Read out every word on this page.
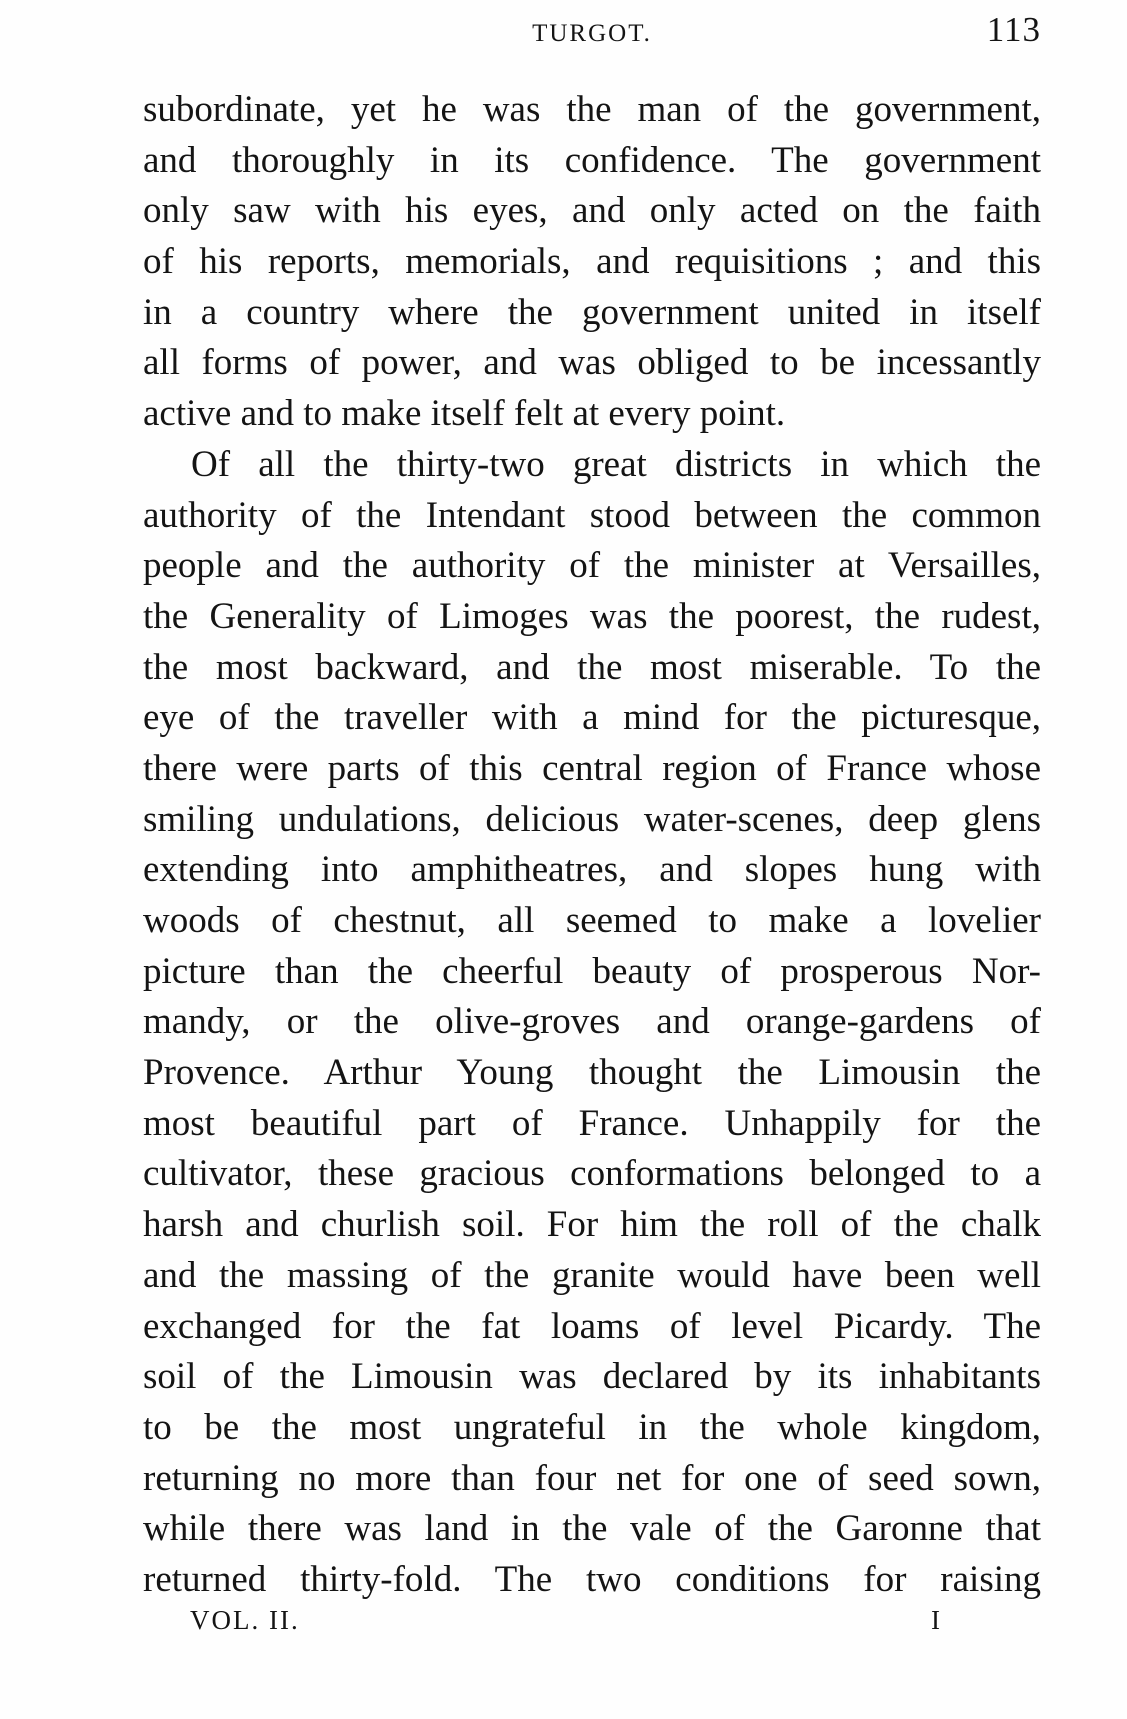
TURGOT.	113
subordinate, yet he was the man of the government,
and thoroughly in its confidence. The government
only saw with his eyes, and only acted on the faith
of his reports, memorials, and requisitions ; and this
in a country where the government united in itself
all forms of power, and was obliged to be incessantly
active and to make itself felt at every point.
Of all the thirty-two great districts in which the
authority of the Intendant stood between the common
people and the authority of the minister at Versailles,
the Generality of Limoges was the poorest, the rudest,
the most backward, and the most miserable. To the
eye of the traveller with a mind for the picturesque,
there were parts of this central region of France whose
smiling undulations, delicious water-scenes, deep glens
extending into amphitheatres, and slopes hung with
woods of chestnut, all seemed to make a lovelier
picture than the cheerful beauty of prosperous Nor-
mandy, or the olive-groves and orange-gardens of
Provence. Arthur Young thought the Limousin the
most beautiful part of France. Unhappily for the
cultivator, these gracious conformations belonged to a
harsh and churlish soil. For him the roll of the chalk
and the massing of the granite would have been well
exchanged for the fat loams of level Picardy. The
soil of the Limousin was declared by its inhabitants
to be the most ungrateful in the whole kingdom,
returning no more than four net for one of seed sown,
while there was land in the vale of the Garonne that
returned thirty-fold. The two conditions for raising
VOL. II.	I
